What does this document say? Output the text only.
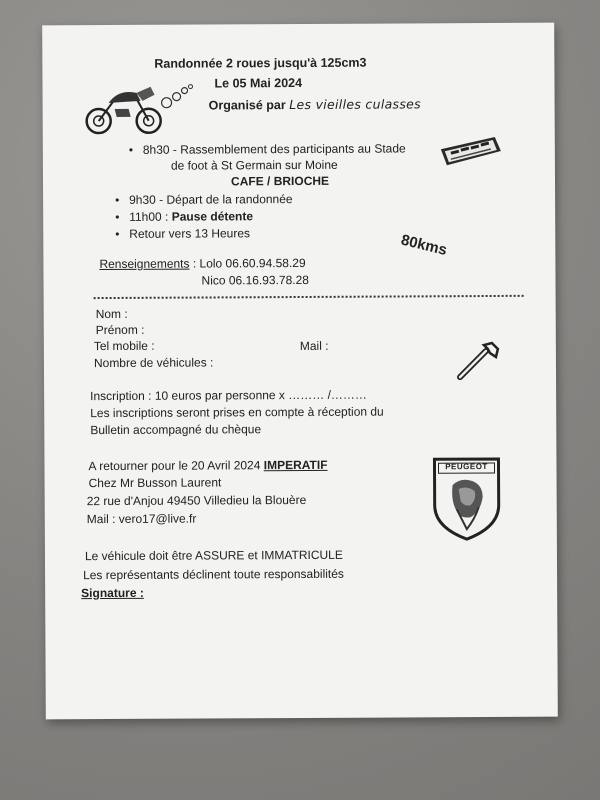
Randonnée 2 roues jusqu'à 125cm3
Le 05 Mai 2024
Organisé par Les vieilles culasses
• 8h30 - Rassemblement des participants au Stade
de foot à St Germain sur Moine
CAFE / BRIOCHE
• 9h30 - Départ de la randonnée
• 11h00 : Pause détente
• Retour vers 13 Heures	80kms
Renseignements : Lolo 06.60.94.58.29
Nico 06.16.93.78.28
Nom :
Prénom :
Tel mobile :	Mail :
Nombre de véhicules :
Inscription : 10 euros par personne x ……… /………
Les inscriptions seront prises en compte à réception du
Bulletin accompagné du chèque
A retourner pour le 20 Avril 2024 IMPERATIF
Chez Mr Busson Laurent
22 rue d'Anjou 49450 Villedieu la Blouère
Mail : vero17@live.fr
PEUGEOT
Le véhicule doit être ASSURE et IMMATRICULE
Les représentants déclinent toute responsabilités
Signature :
